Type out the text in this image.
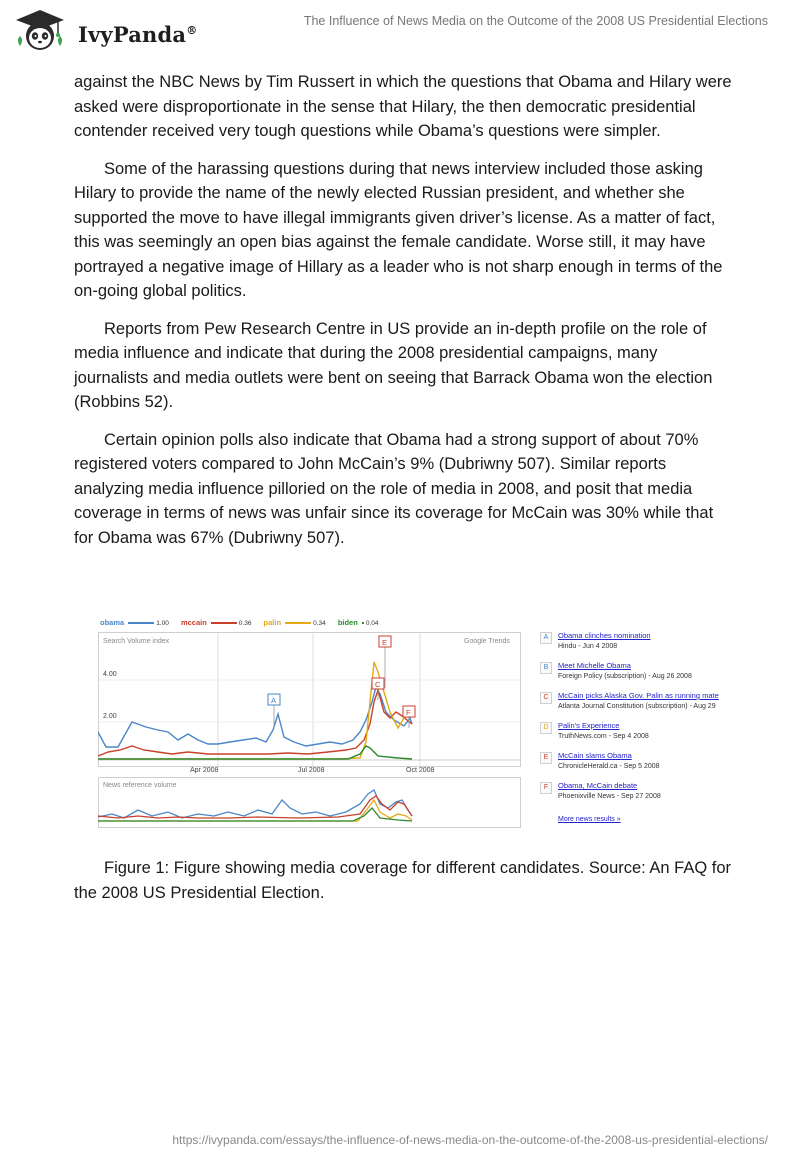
IvyPanda®
The Influence of News Media on the Outcome of the 2008 US Presidential Elections

against the NBC News by Tim Russert in which the questions that Obama and Hilary were asked were disproportionate in the sense that Hilary, the then democratic presidential contender received very tough questions while Obama’s questions were simpler.

Some of the harassing questions during that news interview included those asking Hilary to provide the name of the newly elected Russian president, and whether she supported the move to have illegal immigrants given driver’s license. As a matter of fact, this was seemingly an open bias against the female candidate. Worse still, it may have portrayed a negative image of Hillary as a leader who is not sharp enough in terms of the on-going global politics.

Reports from Pew Research Centre in US provide an in-depth profile on the role of media influence and indicate that during the 2008 presidential campaigns, many journalists and media outlets were bent on seeing that Barrack Obama won the election (Robbins 52).

Certain opinion polls also indicate that Obama had a strong support of about 70% registered voters compared to John McCain’s 9% (Dubriwny 507). Similar reports analyzing media influence pilloried on the role of media in 2008, and posit that media coverage in terms of news was unfair since its coverage for McCain was 30% while that for Obama was 67% (Dubriwny 507).

obama	1.00 mccain	0.36 palin	0.34 biden 0.04
Search Volume index	Google Trends
4.00
2.00
A
C
E
F
Apr 2008	Jul 2008	Oct 2008
News reference volume
A	Obama clinches nomination
Hindu - Jun 4 2008
B	Meet Michelle Obama
Foreign Policy (subscription) - Aug 26 2008
C	McCain picks Alaska Gov. Palin as running mate
Atlanta Journal Constitution (subscription) - Aug 29
D	Palin's Experience
TruthNews.com - Sep 4 2008
E	McCain slams Obama
ChronicleHerald.ca - Sep 5 2008
F	Obama, McCain debate
Phoenixville News - Sep 27 2008
More news results »
Figure 1: Figure showing media coverage for different candidates. Source: An FAQ for the 2008 US Presidential Election.
https://ivypanda.com/essays/the-influence-of-news-media-on-the-outcome-of-the-2008-us-presidential-elections/
